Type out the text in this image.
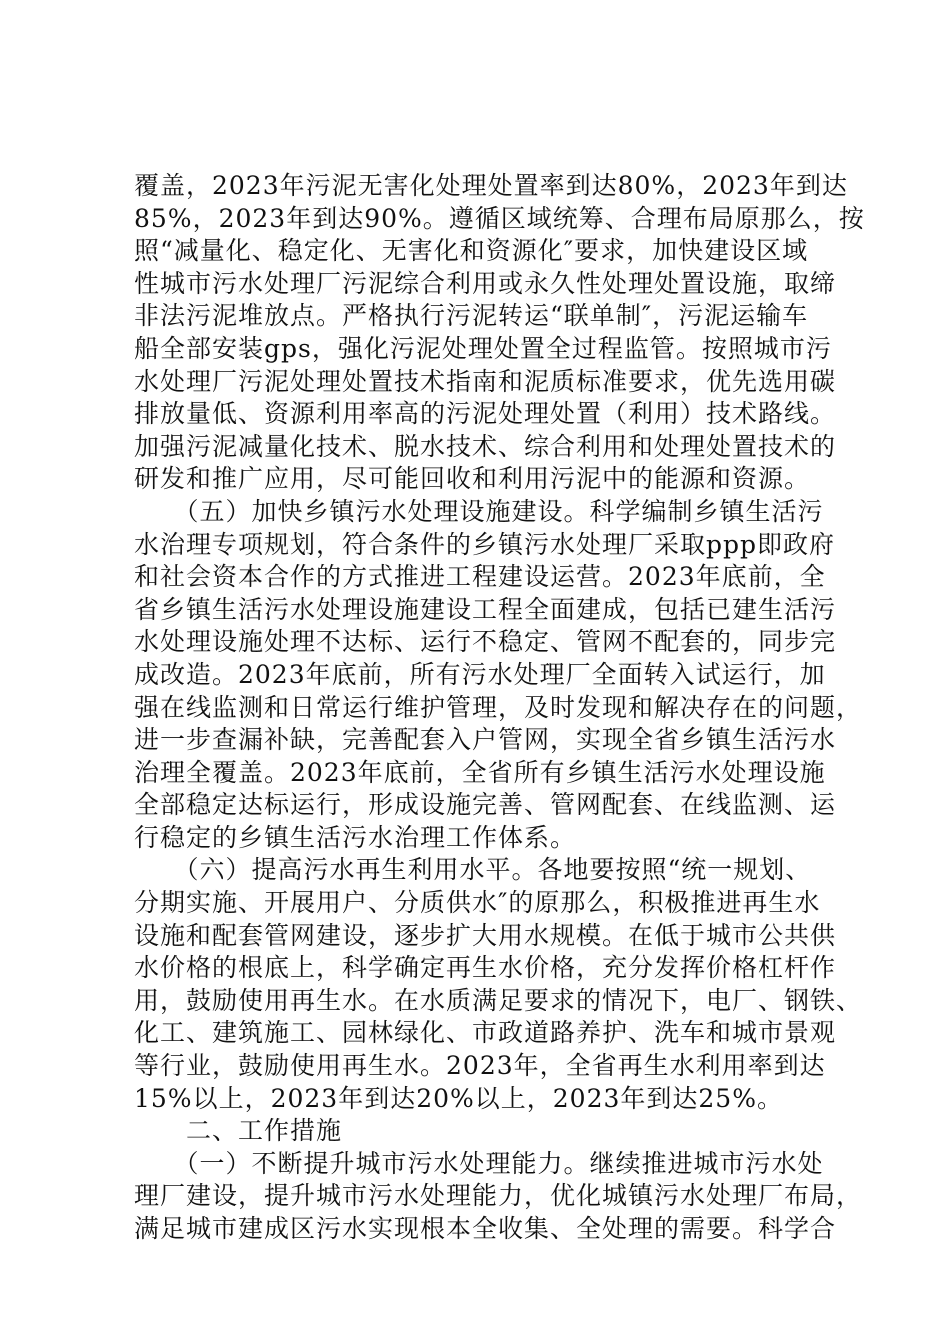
覆盖，2023年污泥无害化处理处置率到达80%，2023年到达
85%，2023年到达90%。遵循区域统筹、合理布局原那么，按
照“减量化、稳定化、无害化和资源化″要求，加快建设区域
性城市污水处理厂污泥综合利用或永久性处理处置设施，取缔
非法污泥堆放点。严格执行污泥转运“联单制″，污泥运输车
船全部安装gps，强化污泥处理处置全过程监管。按照城市污
水处理厂污泥处理处置技术指南和泥质标准要求，优先选用碳
排放量低、资源利用率高的污泥处理处置（利用）技术路线。
加强污泥减量化技术、脱水技术、综合利用和处理处置技术的
研发和推广应用，尽可能回收和利用污泥中的能源和资源。
　　（五）加快乡镇污水处理设施建设。科学编制乡镇生活污
水治理专项规划，符合条件的乡镇污水处理厂采取ppp即政府
和社会资本合作的方式推进工程建设运营。2023年底前，全
省乡镇生活污水处理设施建设工程全面建成，包括已建生活污
水处理设施处理不达标、运行不稳定、管网不配套的，同步完
成改造。2023年底前，所有污水处理厂全面转入试运行，加
强在线监测和日常运行维护管理，及时发现和解决存在的问题，
进一步查漏补缺，完善配套入户管网，实现全省乡镇生活污水
治理全覆盖。2023年底前，全省所有乡镇生活污水处理设施
全部稳定达标运行，形成设施完善、管网配套、在线监测、运
行稳定的乡镇生活污水治理工作体系。
　　（六）提高污水再生利用水平。各地要按照“统一规划、
分期实施、开展用户、分质供水″的原那么，积极推进再生水
设施和配套管网建设，逐步扩大用水规模。在低于城市公共供
水价格的根底上，科学确定再生水价格，充分发挥价格杠杆作
用，鼓励使用再生水。在水质满足要求的情况下，电厂、钢铁、
化工、建筑施工、园林绿化、市政道路养护、洗车和城市景观
等行业，鼓励使用再生水。2023年，全省再生水利用率到达
15%以上，2023年到达20%以上，2023年到达25%。
　　二、工作措施
　　（一）不断提升城市污水处理能力。继续推进城市污水处
理厂建设，提升城市污水处理能力，优化城镇污水处理厂布局，
满足城市建成区污水实现根本全收集、全处理的需要。科学合
